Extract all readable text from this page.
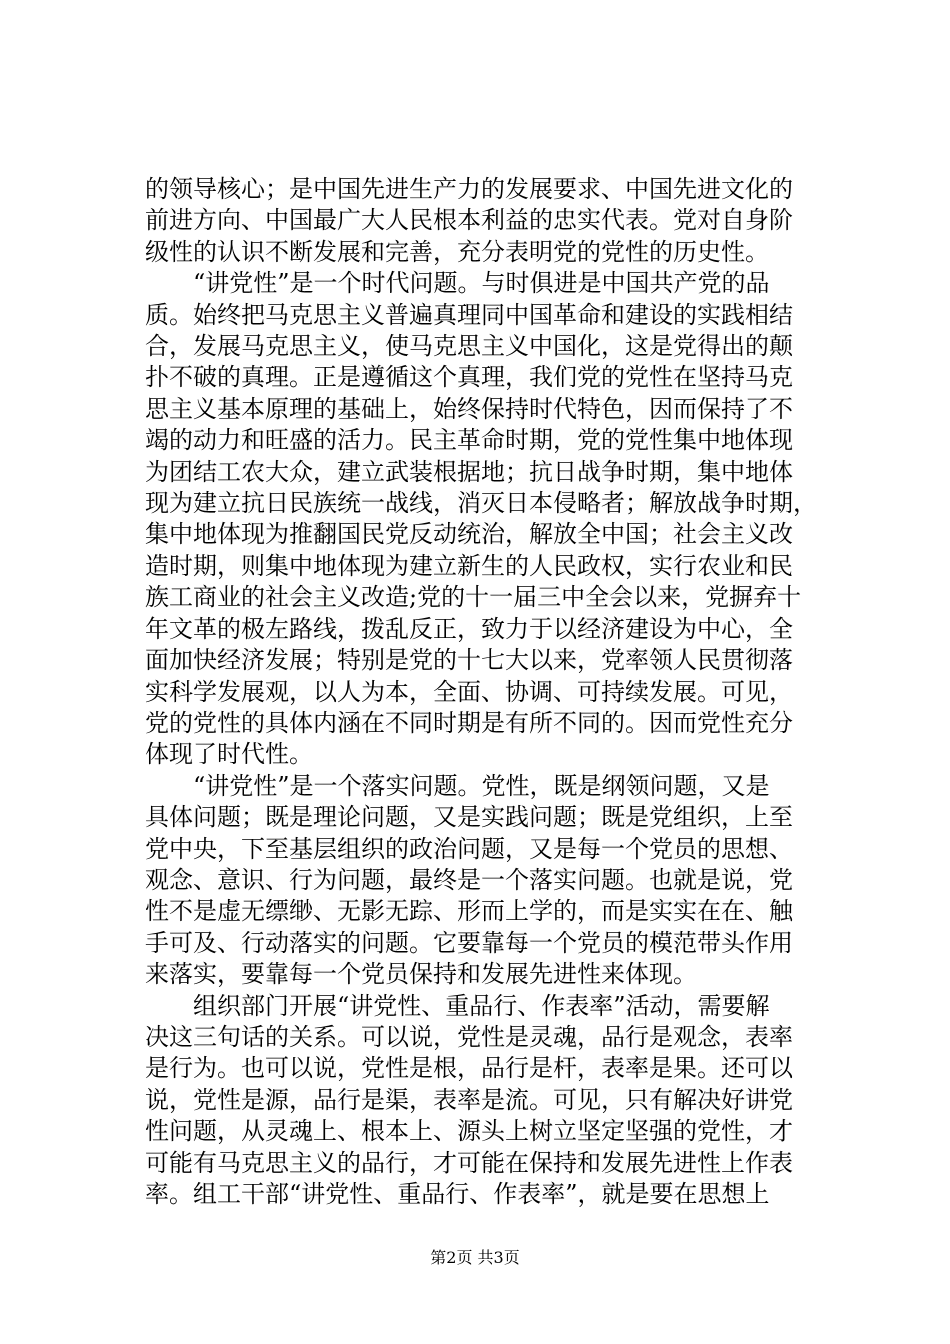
的领导核心；是中国先进生产力的发展要求、中国先进文化的
前进方向、中国最广大人民根本利益的忠实代表。党对自身阶
级性的认识不断发展和完善，充分表明党的党性的历史性。

“讲党性”是一个时代问题。与时俱进是中国共产党的品
质。始终把马克思主义普遍真理同中国革命和建设的实践相结
合，发展马克思主义，使马克思主义中国化，这是党得出的颠
扑不破的真理。正是遵循这个真理，我们党的党性在坚持马克
思主义基本原理的基础上，始终保持时代特色，因而保持了不
竭的动力和旺盛的活力。民主革命时期，党的党性集中地体现
为团结工农大众，建立武装根据地；抗日战争时期，集中地体
现为建立抗日民族统一战线，消灭日本侵略者；解放战争时期，
集中地体现为推翻国民党反动统治，解放全中国；社会主义改
造时期，则集中地体现为建立新生的人民政权，实行农业和民
族工商业的社会主义改造;党的十一届三中全会以来，党摒弃十
年文革的极左路线，拨乱反正，致力于以经济建设为中心，全
面加快经济发展；特别是党的十七大以来，党率领人民贯彻落
实科学发展观，以人为本，全面、协调、可持续发展。可见，
党的党性的具体内涵在不同时期是有所不同的。因而党性充分
体现了时代性。

“讲党性”是一个落实问题。党性，既是纲领问题，又是
具体问题；既是理论问题，又是实践问题；既是党组织，上至
党中央，下至基层组织的政治问题，又是每一个党员的思想、
观念、意识、行为问题，最终是一个落实问题。也就是说，党
性不是虚无缥缈、无影无踪、形而上学的，而是实实在在、触
手可及、行动落实的问题。它要靠每一个党员的模范带头作用
来落实，要靠每一个党员保持和发展先进性来体现。

组织部门开展“讲党性、重品行、作表率”活动，需要解
决这三句话的关系。可以说，党性是灵魂，品行是观念，表率
是行为。也可以说，党性是根，品行是杆，表率是果。还可以
说，党性是源，品行是渠，表率是流。可见，只有解决好讲党
性问题，从灵魂上、根本上、源头上树立坚定坚强的党性，才
可能有马克思主义的品行，才可能在保持和发展先进性上作表
率。组工干部“讲党性、重品行、作表率”，就是要在思想上

第2页 共3页
